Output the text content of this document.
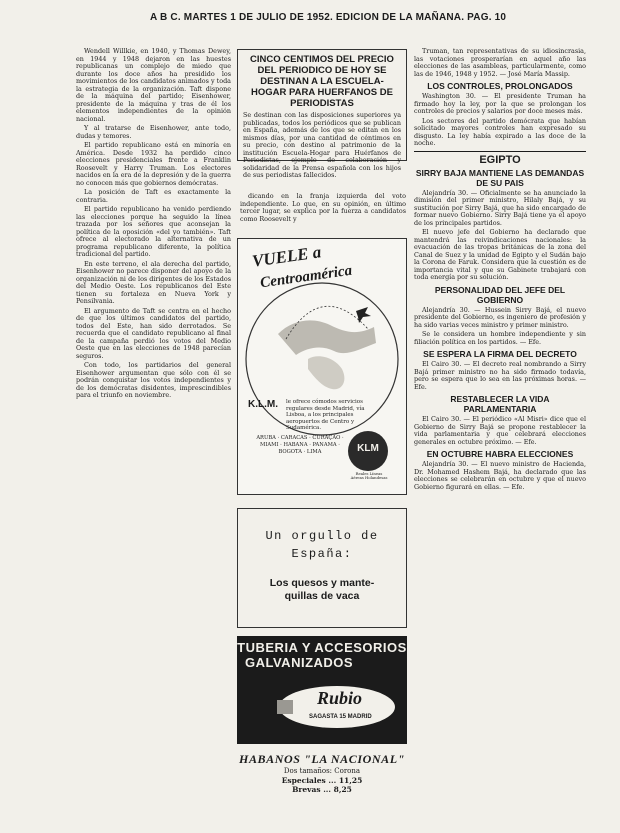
A B C. MARTES 1 DE JULIO DE 1952. EDICION DE LA MAÑANA. PAG. 10

Wendell Willkie, en 1940, y Thomas Dewey, en 1944 y 1948 dejaron en las huestes republicanas un complejo de miedo que durante los doce años ha presidido los movimientos de los candidatos animados y toda la estrategia de la organización. Taft dispone de la máquina del partido; Eisenhower, presidente de la máquina y tras de él los elementos independientes de la opinión nacional.

Y al tratarse de Eisenhower, ante todo, dudas y temores.

El partido republicano está en minoría en América. Desde 1932 ha perdido cinco elecciones presidenciales frente a Franklin Roosevelt y Harry Truman. Los electores nacidos en la era de la depresión y de la guerra no conocen más que gobiernos demócratas.

La posición de Taft es exactamente la contraria.

El partido republicano ha venido perdiendo las elecciones porque ha seguido la línea trazada por los señores que aconsejan la política de la oposición «del yo también». Taft ofrece al electorado la alternativa de un programa republicano diferente, la política tradicional del partido.

En este terreno, el ala derecha del partido, Eisenhower no parece disponer del apoyo de la organización ni de los dirigentes de los Estados del Medio Oeste. Los republicanos del Este tienen su fortaleza en Nueva York y Pensilvania.

El argumento de Taft se centra en el hecho de que los últimos candidatos del partido, todos del Este, han sido derrotados. Se recuerda que el candidato republicano al final de la campaña perdió los votos del Medio Oeste que en las elecciones de 1948 parecían seguros.

Con todo, los partidarios del general Eisenhower argumentan que sólo con él se podrán conquistar los votos independientes y de los demócratas disidentes, imprescindibles para el triunfo en noviembre.

CINCO CENTIMOS DEL PRECIO DEL PERIODICO DE HOY SE DESTINAN A LA ESCUELA-HOGAR PARA HUERFANOS DE PERIODISTAS
Se destinan con las disposiciones superiores ya publicadas, todos los periódicos que se publican en España, además de los que se editan en los mismos días, por una cantidad de céntimos en su precio, con destino al patrimonio de la institución Escuela-Hogar para Huérfanos de Periodistas, ejemplo de colaboración y solidaridad de la Prensa española con los hijos de sus periodistas fallecidos.

dicando en la franja izquierda del voto independiente. Lo que, en su opinión, en último tercer lugar, se explica por la fuerza a candidatos como Roosevelt y

VUELE a
Centroamérica
K.L.M. le ofrece cómodos servicios regulares desde Madrid, vía Lisboa, a los principales aeropuertos de Centro y Sudamérica.
ARUBA · CARACAS · CURAÇAO · MIAMI · HABANA · PANAMA · BOGOTA · LIMA	KLM
Reales Líneas Aéreas Holandesas
Un orgullo de
España:
Los quesos y mante-
quillas de vaca
TUBERIA Y ACCESORIOS
GALVANIZADOS
Rubio
SAGASTA 15 MADRID
HABANOS "LA NACIONAL"
Dos tamaños: Corona
Especiales ... 11,25
Brevas ... 8,25

Truman, tan representativas de su idiosincrasia, las votaciones prosperarían en aquel año las elecciones de las asambleas, particularmente, como las de 1946, 1948 y 1952. — José María Massip.

LOS CONTROLES, PROLONGADOS

Washington 30. — El presidente Truman ha firmado hoy la ley, por la que se prolongan los controles de precios y salarios por doce meses más.

Los sectores del partido demócrata que habían solicitado mayores controles han expresado su disgusto. La ley había expirado a las doce de la noche.

EGIPTO
SIRRY BAJA MANTIENE LAS DEMANDAS DE SU PAIS

Alejandría 30. — Oficialmente se ha anunciado la dimisión del primer ministro, Hilaly Bajá, y su sustitución por Sirry Bajá, que ha sido encargado de formar nuevo Gobierno. Sirry Bajá tiene ya el apoyo de los principales partidos.

El nuevo jefe del Gobierno ha declarado que mantendrá las reivindicaciones nacionales: la evacuación de las tropas británicas de la zona del Canal de Suez y la unidad de Egipto y el Sudán bajo la Corona de Faruk. Considera que la cuestión es de importancia vital y que su Gabinete trabajará con toda energía por su solución.

PERSONALIDAD DEL JEFE DEL GOBIERNO

Alejandría 30. — Hussein Sirry Bajá, el nuevo presidente del Gobierno, es ingeniero de profesión y ha sido varias veces ministro y primer ministro.

Se le considera un hombre independiente y sin filiación política en los partidos. — Efe.

SE ESPERA LA FIRMA DEL DECRETO

El Cairo 30. — El decreto real nombrando a Sirry Bajá primer ministro no ha sido firmado todavía, pero se espera que lo sea en las próximas horas. — Efe.

RESTABLECER LA VIDA PARLAMENTARIA

El Cairo 30. — El periódico «Al Misri» dice que el Gobierno de Sirry Bajá se propone restablecer la vida parlamentaria y que celebrará elecciones generales en octubre próximo. — Efe.

EN OCTUBRE HABRA ELECCIONES

Alejandría 30. — El nuevo ministro de Hacienda, Dr. Mohamed Hashem Bajá, ha declarado que las elecciones se celebrarán en octubre y que el nuevo Gobierno figurará en ellas. — Efe.
